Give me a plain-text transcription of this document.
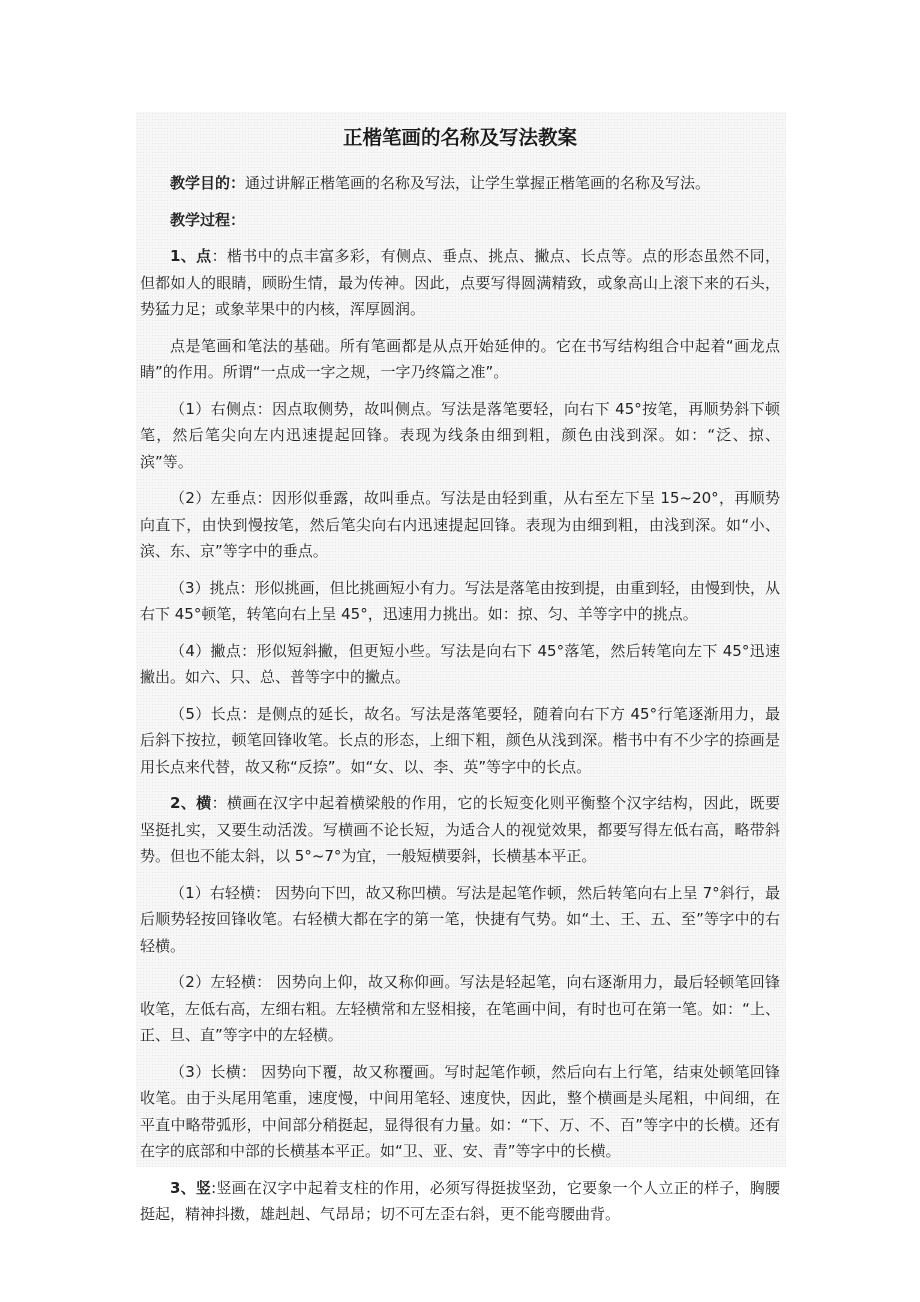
正楷笔画的名称及写法教案

教学目的：通过讲解正楷笔画的名称及写法，让学生掌握正楷笔画的名称及写法。

教学过程：

1、点：楷书中的点丰富多彩，有侧点、垂点、挑点、撇点、长点等。点的形态虽然不同，但都如人的眼睛，顾盼生情，最为传神。因此，点要写得圆满精致，或象高山上滚下来的石头，势猛力足；或象苹果中的内核，浑厚圆润。

点是笔画和笔法的基础。所有笔画都是从点开始延伸的。它在书写结构组合中起着“画龙点睛”的作用。所谓“一点成一字之规，一字乃终篇之准”。

（1）右侧点：因点取侧势，故叫侧点。写法是落笔要轻，向右下 45°按笔，再顺势斜下顿笔，然后笔尖向左内迅速提起回锋。表现为线条由细到粗，颜色由浅到深。如：“泛、掠、滨”等。

（2）左垂点：因形似垂露，故叫垂点。写法是由轻到重，从右至左下呈 15~20°，再顺势向直下，由快到慢按笔，然后笔尖向右内迅速提起回锋。表现为由细到粗，由浅到深。如“小、滨、东、京”等字中的垂点。

（3）挑点：形似挑画，但比挑画短小有力。写法是落笔由按到提，由重到轻，由慢到快，从右下 45°顿笔，转笔向右上呈 45°，迅速用力挑出。如：掠、匀、羊等字中的挑点。

（4）撇点：形似短斜撇，但更短小些。写法是向右下 45°落笔，然后转笔向左下 45°迅速撇出。如六、只、总、普等字中的撇点。

（5）长点：是侧点的延长，故名。写法是落笔要轻，随着向右下方 45°行笔逐渐用力，最后斜下按拉，顿笔回锋收笔。长点的形态，上细下粗，颜色从浅到深。楷书中有不少字的捺画是用长点来代替，故又称“反捺”。如“女、以、李、英”等字中的长点。

2、横：横画在汉字中起着横梁般的作用，它的长短变化则平衡整个汉字结构，因此，既要坚挺扎实，又要生动活泼。写横画不论长短，为适合人的视觉效果，都要写得左低右高，略带斜势。但也不能太斜，以 5°~7°为宜，一般短横要斜，长横基本平正。

（1）右轻横： 因势向下凹，故又称凹横。写法是起笔作顿，然后转笔向右上呈 7°斜行，最后顺势轻按回锋收笔。右轻横大都在字的第一笔，快捷有气势。如“土、王、五、至”等字中的右轻横。

（2）左轻横： 因势向上仰，故又称仰画。写法是轻起笔，向右逐渐用力，最后轻顿笔回锋收笔，左低右高，左细右粗。左轻横常和左竖相接，在笔画中间，有时也可在第一笔。如：“上、正、旦、直”等字中的左轻横。

（3）长横： 因势向下覆，故又称覆画。写时起笔作顿，然后向右上行笔，结束处顿笔回锋收笔。由于头尾用笔重，速度慢，中间用笔轻、速度快，因此，整个横画是头尾粗，中间细，在平直中略带弧形，中间部分稍挺起，显得很有力量。如：“下、万、不、百”等字中的长横。还有在字的底部和中部的长横基本平正。如“卫、亚、安、青”等字中的长横。

3、竖:竖画在汉字中起着支柱的作用，必须写得挺拔坚劲，它要象一个人立正的样子，胸腰挺起，精神抖擞，雄赳赳、气昂昂；切不可左歪右斜，更不能弯腰曲背。
